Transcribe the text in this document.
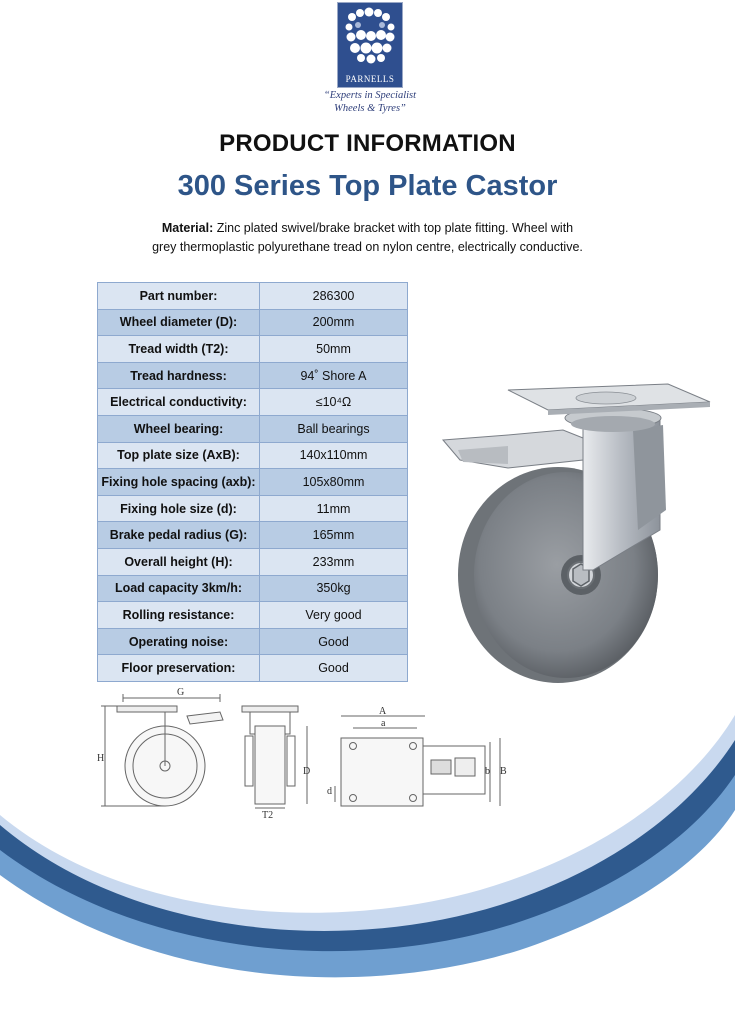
PARNELLS
“Experts in Specialist
Wheels & Tyres”
PRODUCT INFORMATION
300 Series Top Plate Castor
Material: Zinc plated swivel/brake bracket with top plate fitting. Wheel with
grey thermoplastic polyurethane tread on nylon centre, electrically conductive.
Part number:	286300
Wheel diameter (D):	200mm
Tread width (T2):	50mm
Tread hardness:	94˚ Shore A
Electrical conductivity:	≤10⁴Ω
Wheel bearing:	Ball bearings
Top plate size (AxB):	140x110mm
Fixing hole spacing (axb):	105x80mm
Fixing hole size (d):	11mm
Brake pedal radius (G):	165mm
Overall height (H):	233mm
Load capacity 3km/h:	350kg
Rolling resistance:	Very good
Operating noise:	Good
Floor preservation:	Good
G
H
D
T2
A
a
b B
d
